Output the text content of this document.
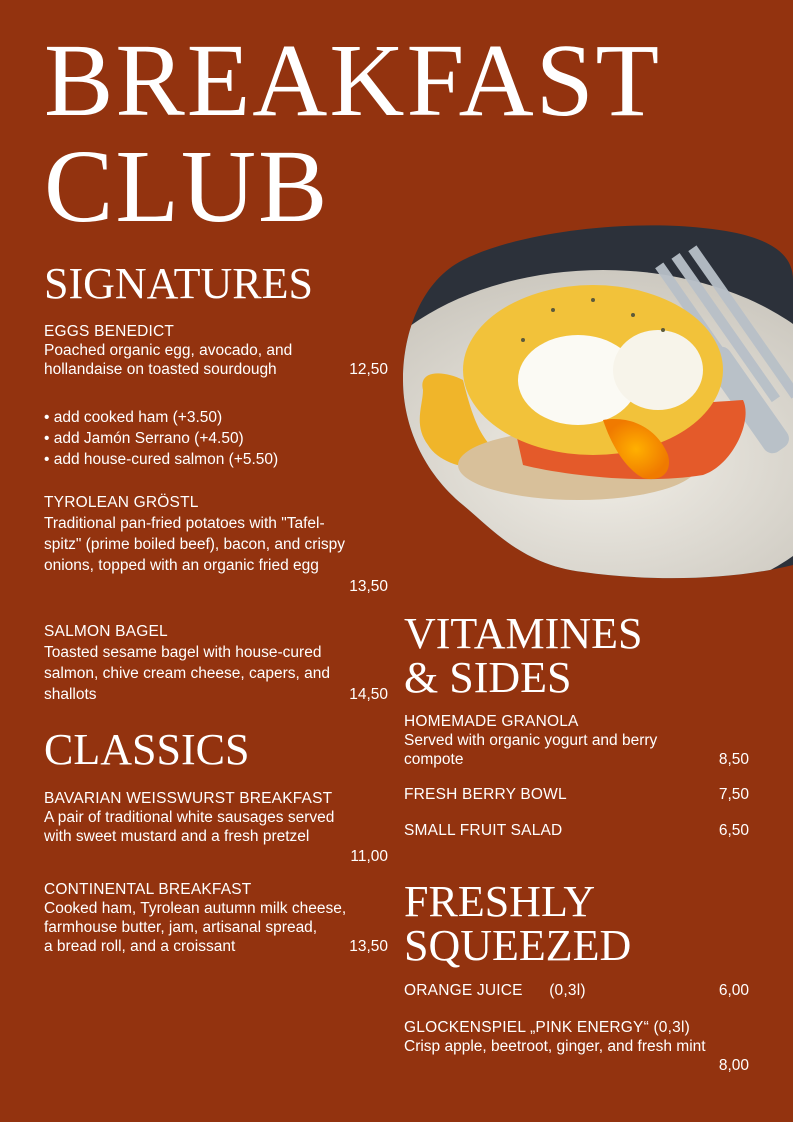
BREAKFAST
CLUB
SIGNATURES
EGGS BENEDICT
Poached organic egg, avocado, and
hollandaise on toasted sourdough	12,50
• add cooked ham (+3.50)
• add Jamón Serrano (+4.50)
• add house-cured salmon (+5.50)
TYROLEAN GRÖSTL
Traditional pan-fried potatoes with "Tafel-
spitz" (prime boiled beef), bacon, and crispy
onions, topped with an organic fried egg
13,50
SALMON BAGEL
Toasted sesame bagel with house-cured
salmon, chive cream cheese, capers, and
shallots	14,50
CLASSICS
BAVARIAN WEISSWURST BREAKFAST
A pair of traditional white sausages served
with sweet mustard and a fresh pretzel
11,00
CONTINENTAL BREAKFAST
Cooked ham, Tyrolean autumn milk cheese,
farmhouse butter, jam, artisanal spread,
a bread roll, and a croissant	13,50
VITAMINES
& SIDES
HOMEMADE GRANOLA
Served with organic yogurt and berry
compote	8,50
FRESH BERRY BOWL	7,50
SMALL FRUIT SALAD	6,50
FRESHLY
SQUEEZED
ORANGE JUICE (0,3l)	6,00
GLOCKENSPIEL „PINK ENERGY“ (0,3l)
Crisp apple, beetroot, ginger, and fresh mint
8,00
